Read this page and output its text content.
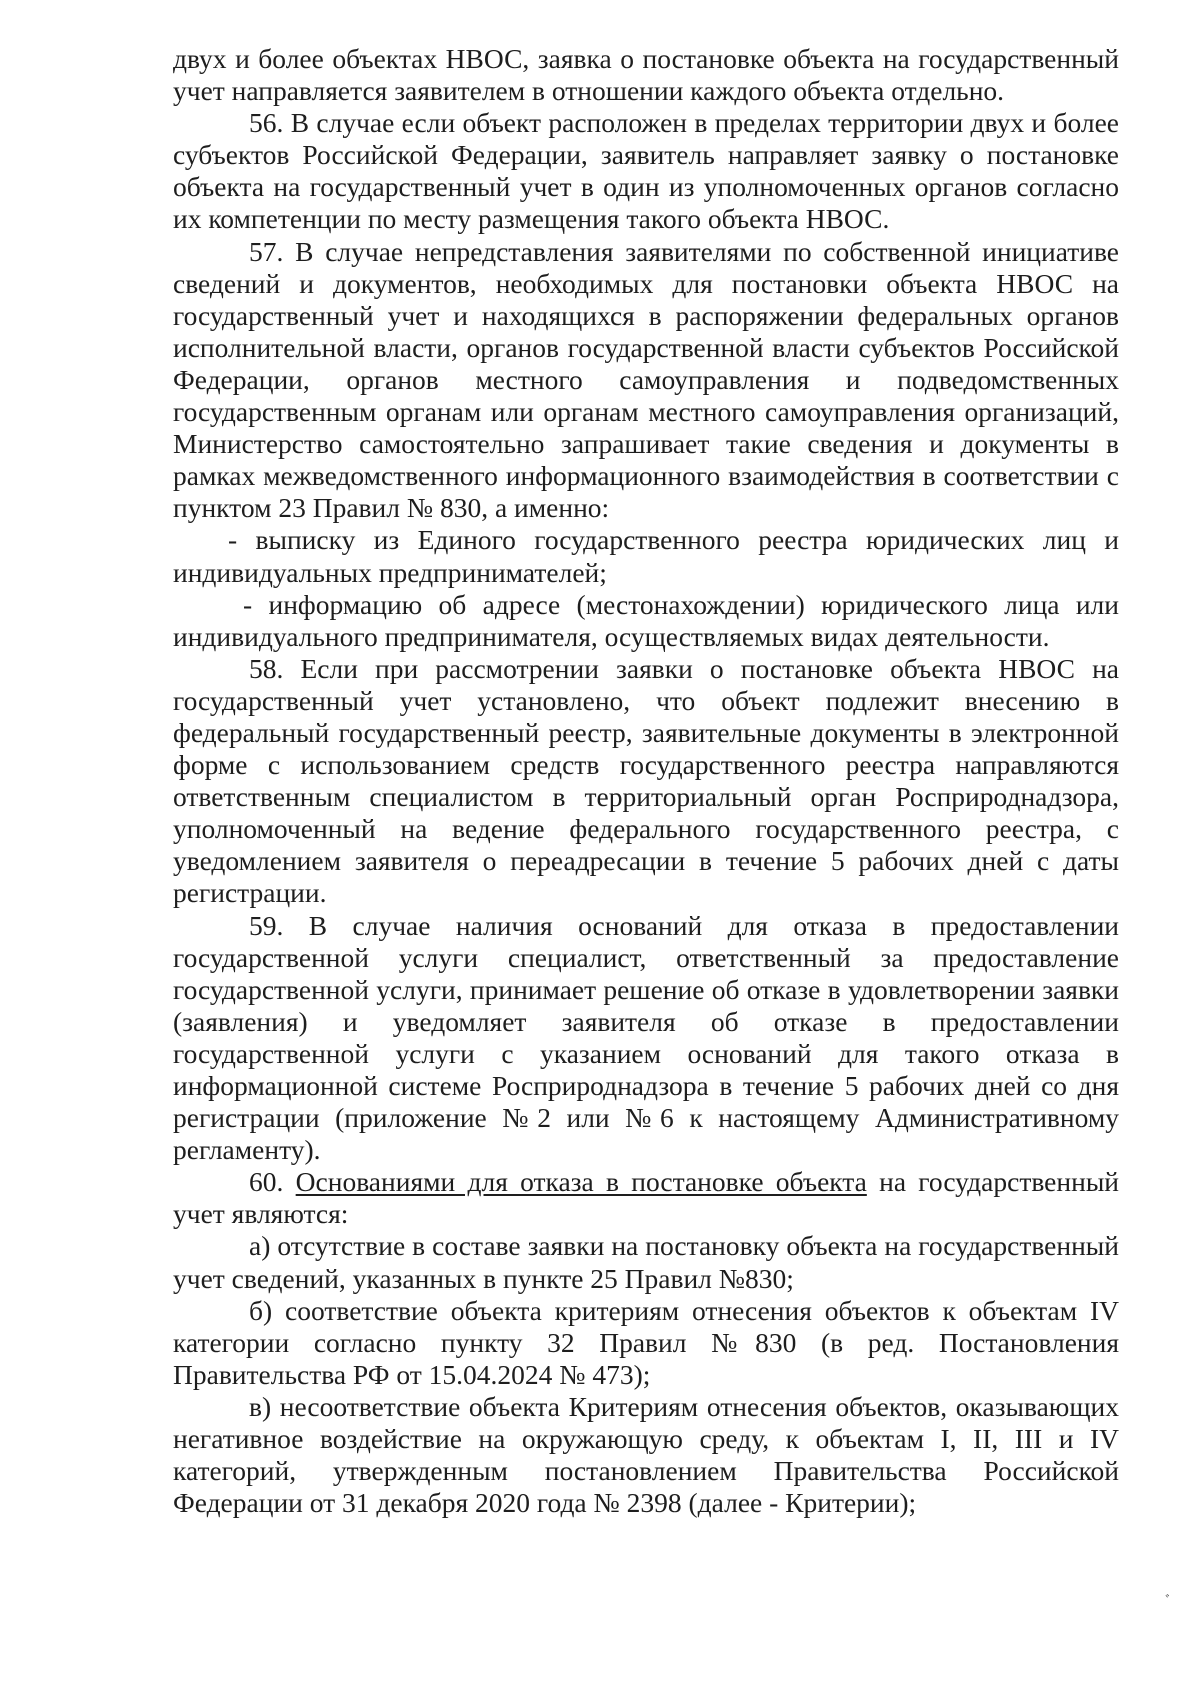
двух и более объектах НВОС, заявка о постановке объекта на государственный учет направляется заявителем в отношении каждого объекта отдельно.

56. В случае если объект расположен в пределах территории двух и более субъектов Российской Федерации, заявитель направляет заявку о постановке объекта на государственный учет в один из уполномоченных органов согласно их компетенции по месту размещения такого объекта НВОС.

57. В случае непредставления заявителями по собственной инициативе сведений и документов, необходимых для постановки объекта НВОС на государственный учет и находящихся в распоряжении федеральных органов исполнительной власти, органов государственной власти субъектов Российской Федерации, органов местного самоуправления и подведомственных государственным органам или органам местного самоуправления организаций, Министерство самостоятельно запрашивает такие сведения и документы в рамках межведомственного информационного взаимодействия в соответствии с пунктом 23 Правил № 830, а именно:

- выписку из Единого государственного реестра юридических лиц и индивидуальных предпринимателей;

- информацию об адресе (местонахождении) юридического лица или индивидуального предпринимателя, осуществляемых видах деятельности.

58. Если при рассмотрении заявки о постановке объекта НВОС на государственный учет установлено, что объект подлежит внесению в федеральный государственный реестр, заявительные документы в электронной форме с использованием средств государственного реестра направляются ответственным специалистом в территориальный орган Росприроднадзора, уполномоченный на ведение федерального государственного реестра, с уведомлением заявителя о переадресации в течение 5 рабочих дней с даты регистрации.

59. В случае наличия оснований для отказа в предоставлении государственной услуги специалист, ответственный за предоставление государственной услуги, принимает решение об отказе в удовлетворении заявки (заявления) и уведомляет заявителя об отказе в предоставлении государственной услуги с указанием оснований для такого отказа в информационной системе Росприроднадзора в течение 5 рабочих дней со дня регистрации (приложение №2 или №6 к настоящему Административному регламенту).

60. Основаниями для отказа в постановке объекта на государственный учет являются:

а) отсутствие в составе заявки на постановку объекта на государственный учет сведений, указанных в пункте 25 Правил №830;

б) соответствие объекта критериям отнесения объектов к объектам IV категории согласно пункту 32 Правил №830 (в ред. Постановления Правительства РФ от 15.04.2024 № 473);

в) несоответствие объекта Критериям отнесения объектов, оказывающих негативное воздействие на окружающую среду, к объектам I, II, III и IV категорий, утвержденным постановлением Правительства Российской Федерации от 31 декабря 2020 года № 2398 (далее - Критерии);

ﾞ
